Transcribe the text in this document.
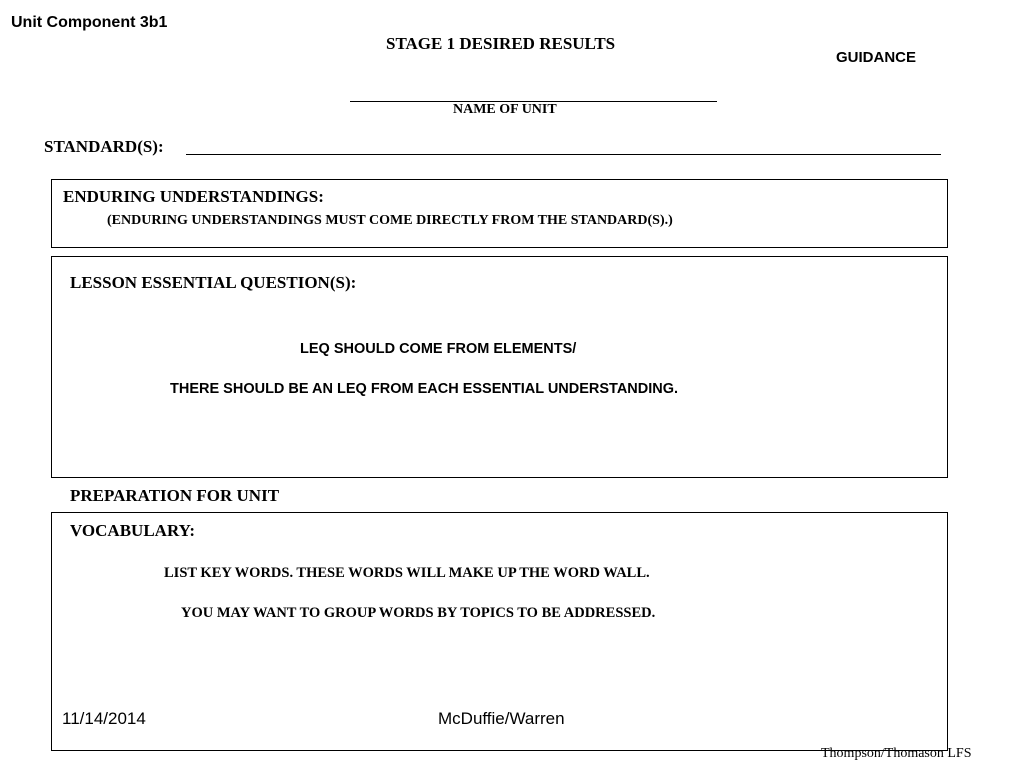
Unit Component 3b1
STAGE 1 DESIRED RESULTS
GUIDANCE
NAME OF UNIT
STANDARD(S):
ENDURING UNDERSTANDINGS:
(ENDURING UNDERSTANDINGS MUST COME DIRECTLY FROM THE STANDARD(S).)
LESSON ESSENTIAL QUESTION(S):
LEQ SHOULD COME FROM ELEMENTS/
THERE SHOULD BE AN LEQ FROM EACH ESSENTIAL UNDERSTANDING.
PREPARATION FOR UNIT
VOCABULARY:
LIST KEY WORDS. THESE WORDS WILL MAKE UP THE WORD WALL.
YOU MAY WANT TO GROUP WORDS BY TOPICS TO BE ADDRESSED.
11/14/2014	McDuffie/Warren
Thompson/Thomason LFS
